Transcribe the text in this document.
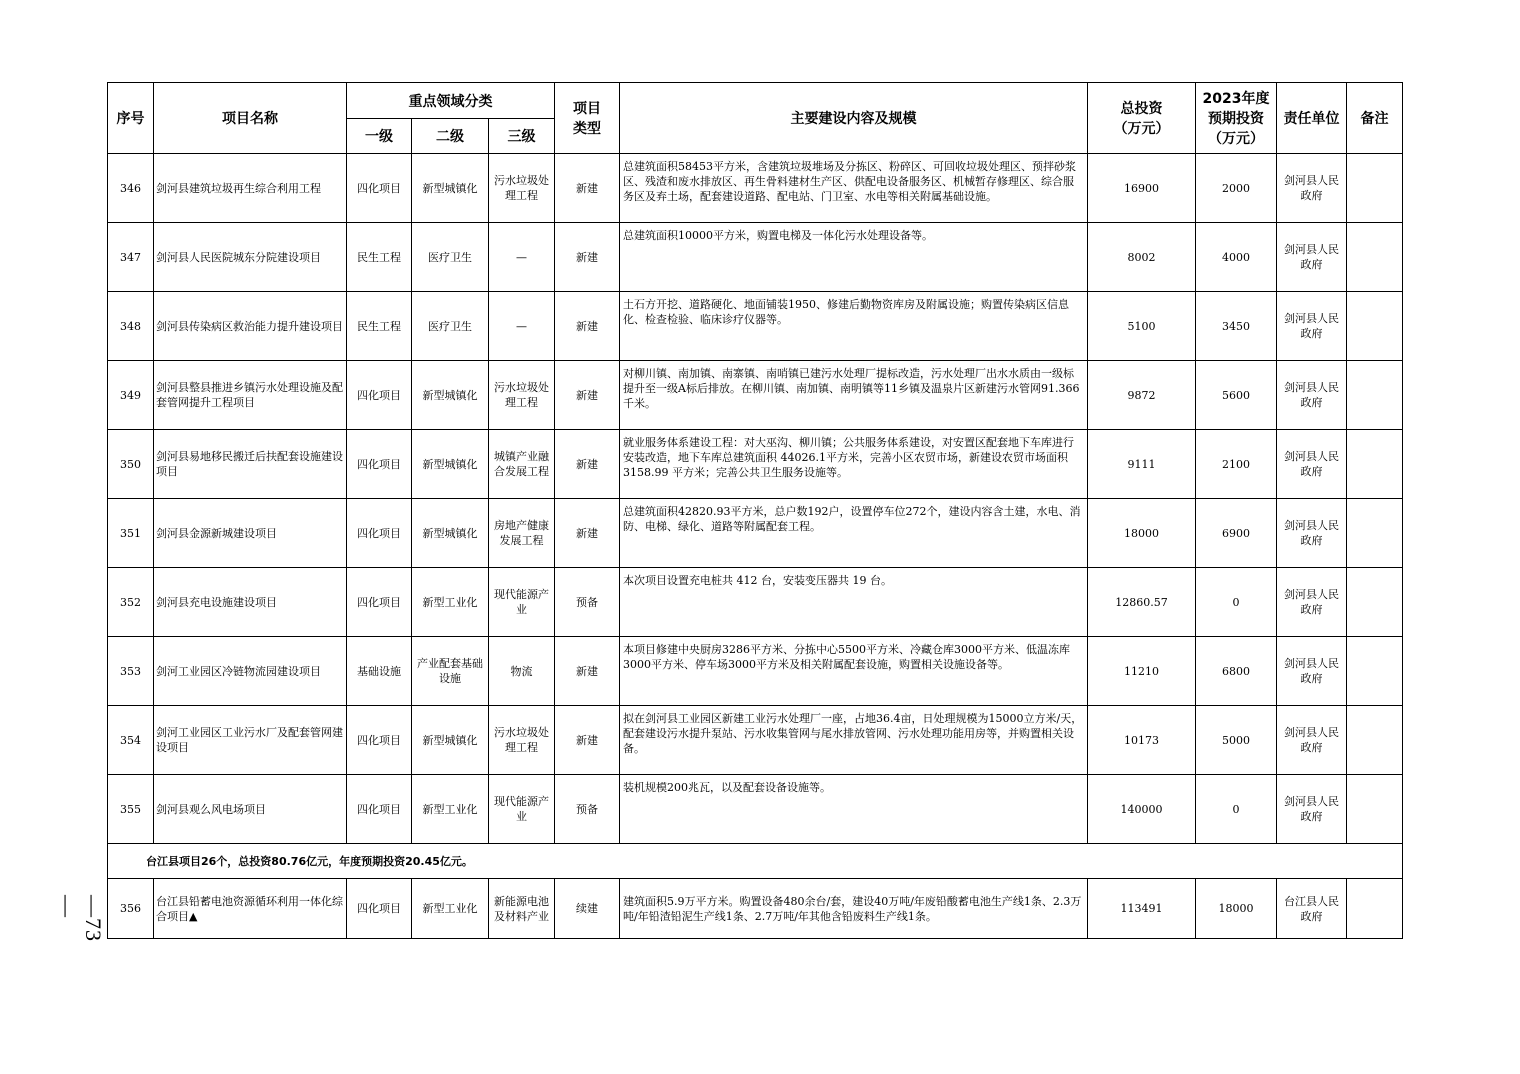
—73—
序号	项目名称	重点领域分类			项目类型	主要建设内容及规模	总投资（万元）	2023年度预期投资（万元）	责任单位	备注
		一级	二级	三级						
346	剑河县建筑垃圾再生综合利用工程	四化项目	新型城镇化	污水垃圾处理工程	新建	总建筑面积58453平方米，含建筑垃圾堆场及分拣区、粉碎区、可回收垃圾处理区、预拌砂浆区、残渣和废水排放区、再生骨料建材生产区、供配电设备服务区、机械暂存修理区、综合服务区及弃土场，配套建设道路、配电站、门卫室、水电等相关附属基础设施。	16900	2000	剑河县人民政府	
347	剑河县人民医院城东分院建设项目	民生工程	医疗卫生	—	新建	总建筑面积10000平方米，购置电梯及一体化污水处理设备等。	8002	4000	剑河县人民政府	
348	剑河县传染病区救治能力提升建设项目	民生工程	医疗卫生	—	新建	土石方开挖、道路硬化、地面铺装1950、修建后勤物资库房及附属设施；购置传染病区信息化、检查检验、临床诊疗仪器等。	5100	3450	剑河县人民政府	
349	剑河县整县推进乡镇污水处理设施及配套管网提升工程项目	四化项目	新型城镇化	污水垃圾处理工程	新建	对柳川镇、南加镇、南寨镇、南哨镇已建污水处理厂提标改造，污水处理厂出水水质由一级标提升至一级A标后排放。在柳川镇、南加镇、南明镇等11乡镇及温泉片区新建污水管网91.366千米。	9872	5600	剑河县人民政府	
350	剑河县易地移民搬迁后扶配套设施建设项目	四化项目	新型城镇化	城镇产业融合发展工程	新建	就业服务体系建设工程：对大巫沟、柳川镇；公共服务体系建设，对安置区配套地下车库进行安装改造，地下车库总建筑面积 44026.1平方米，完善小区农贸市场，新建设农贸市场面积 3158.99 平方米；完善公共卫生服务设施等。	9111	2100	剑河县人民政府	
351	剑河县金源新城建设项目	四化项目	新型城镇化	房地产健康发展工程	新建	总建筑面积42820.93平方米，总户数192户，设置停车位272个，建设内容含土建，水电、消防、电梯、绿化、道路等附属配套工程。	18000	6900	剑河县人民政府	
352	剑河县充电设施建设项目	四化项目	新型工业化	现代能源产业	预备	本次项目设置充电桩共 412 台，安装变压器共 19 台。	12860.57	0	剑河县人民政府	
353	剑河工业园区冷链物流园建设项目	基础设施	产业配套基础设施	物流	新建	本项目修建中央厨房3286平方米、分拣中心5500平方米、冷藏仓库3000平方米、低温冻库3000平方米、停车场3000平方米及相关附属配套设施，购置相关设施设备等。	11210	6800	剑河县人民政府	
354	剑河工业园区工业污水厂及配套管网建设项目	四化项目	新型城镇化	污水垃圾处理工程	新建	拟在剑河县工业园区新建工业污水处理厂一座，占地36.4亩，日处理规模为15000立方米/天，配套建设污水提升泵站、污水收集管网与尾水排放管网、污水处理功能用房等，并购置相关设备。	10173	5000	剑河县人民政府	
355	剑河县观么风电场项目	四化项目	新型工业化	现代能源产业	预备	装机规模200兆瓦，以及配套设备设施等。	140000	0	剑河县人民政府	
台江县项目26个，总投资80.76亿元，年度预期投资20.45亿元。										
356	台江县铅蓄电池资源循环利用一体化综合项目▲	四化项目	新型工业化	新能源电池及材料产业	续建	建筑面积5.9万平方米。购置设备480余台/套，建设40万吨/年废铅酸蓄电池生产线1条、2.3万吨/年铅渣铅泥生产线1条、2.7万吨/年其他含铅废料生产线1条。	113491	18000	台江县人民政府	
